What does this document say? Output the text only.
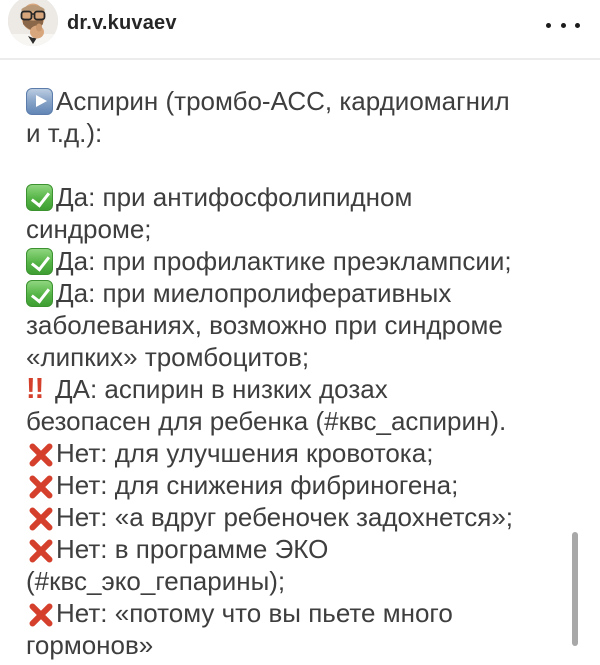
dr.v.kuvaev
Аспирин (тромбо-АСС, кардиомагнил
и т.д.):
Да: при антифосфолипидном
синдроме;
Да: при профилактике преэклампсии;
Да: при миелопролиферативных
заболеваниях, возможно при синдроме
«липких» тромбоцитов;
!!ДА: аспирин в низких дозах
безопасен для ребенка (#квс_аспирин).
Нет: для улучшения кровотока;
Нет: для снижения фибриногена;
Нет: «а вдруг ребеночек задохнется»;
Нет: в программе ЭКО
(#квс_эко_гепарины);
Нет: «потому что вы пьете много
гормонов»
